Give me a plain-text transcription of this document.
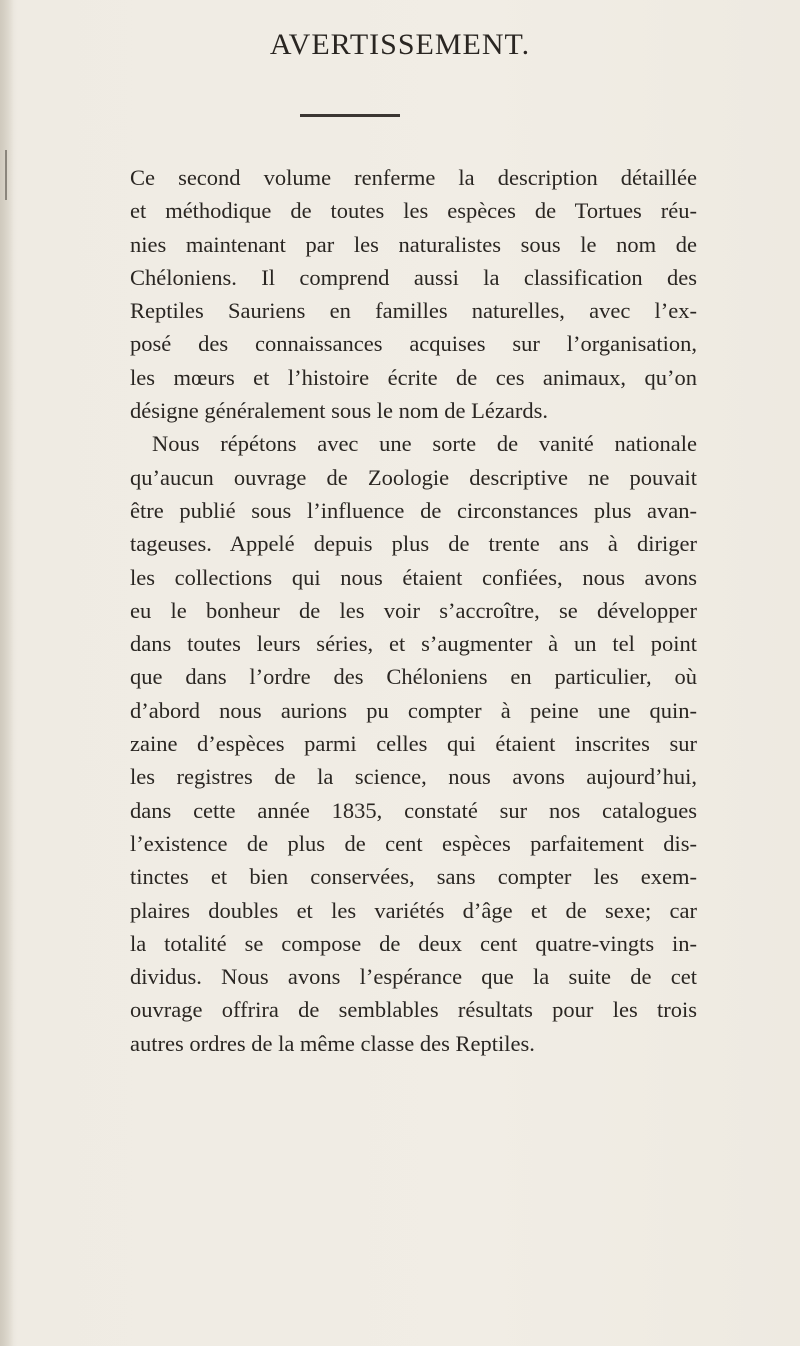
AVERTISSEMENT.
Ce second volume renferme la description détaillée
et méthodique de toutes les espèces de Tortues réu-
nies maintenant par les naturalistes sous le nom de
Chéloniens. Il comprend aussi la classification des
Reptiles Sauriens en familles naturelles, avec l’ex-
posé des connaissances acquises sur l’organisation,
les mœurs et l’histoire écrite de ces animaux, qu’on
désigne généralement sous le nom de Lézards.
Nous répétons avec une sorte de vanité nationale
qu’aucun ouvrage de Zoologie descriptive ne pouvait
être publié sous l’influence de circonstances plus avan-
tageuses. Appelé depuis plus de trente ans à diriger
les collections qui nous étaient confiées, nous avons
eu le bonheur de les voir s’accroître, se développer
dans toutes leurs séries, et s’augmenter à un tel point
que dans l’ordre des Chéloniens en particulier, où
d’abord nous aurions pu compter à peine une quin-
zaine d’espèces parmi celles qui étaient inscrites sur
les registres de la science, nous avons aujourd’hui,
dans cette année 1835, constaté sur nos catalogues
l’existence de plus de cent espèces parfaitement dis-
tinctes et bien conservées, sans compter les exem-
plaires doubles et les variétés d’âge et de sexe; car
la totalité se compose de deux cent quatre-vingts in-
dividus. Nous avons l’espérance que la suite de cet
ouvrage offrira de semblables résultats pour les trois
autres ordres de la même classe des Reptiles.
